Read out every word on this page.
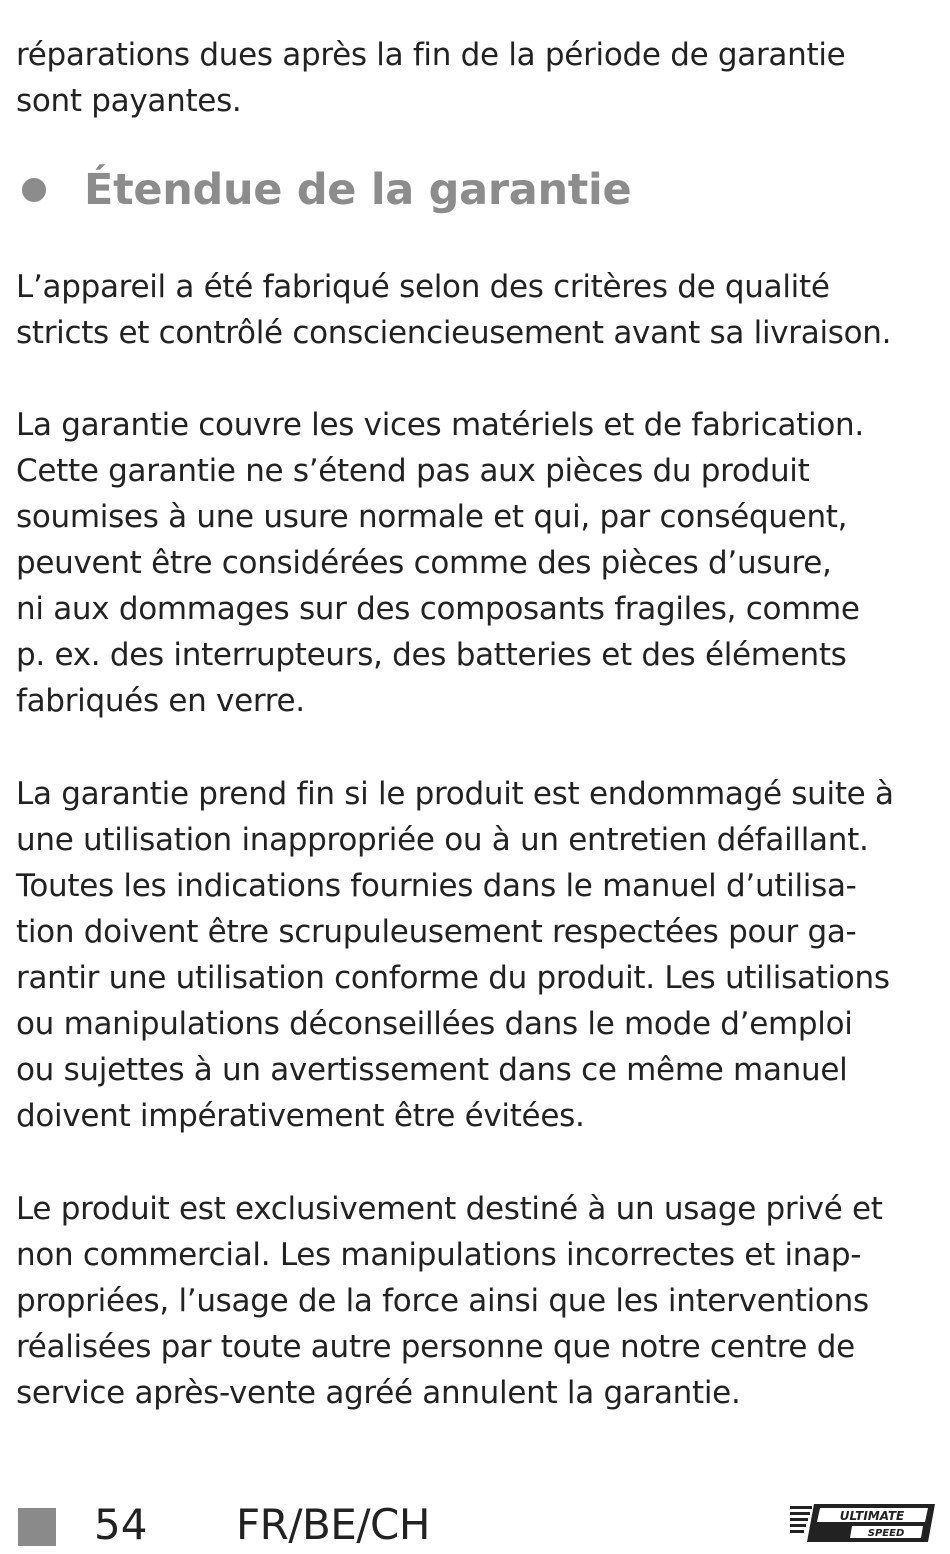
réparations dues après la fin de la période de garantie
sont payantes.
Étendue de la garantie
L’appareil a été fabriqué selon des critères de qualité
stricts et contrôlé consciencieusement avant sa livraison.
La garantie couvre les vices matériels et de fabrication.
Cette garantie ne s’étend pas aux pièces du produit
soumises à une usure normale et qui, par conséquent,
peuvent être considérées comme des pièces d’usure,
ni aux dommages sur des composants fragiles, comme
p. ex. des interrupteurs, des batteries et des éléments
fabriqués en verre.
La garantie prend fin si le produit est endommagé suite à
une utilisation inappropriée ou à un entretien défaillant.
Toutes les indications fournies dans le manuel d’utilisa-
tion doivent être scrupuleusement respectées pour ga-
rantir une utilisation conforme du produit. Les utilisations
ou manipulations déconseillées dans le mode d’emploi
ou sujettes à un avertissement dans ce même manuel
doivent impérativement être évitées.
Le produit est exclusivement destiné à un usage privé et
non commercial. Les manipulations incorrectes et inap-
propriées, l’usage de la force ainsi que les interventions
réalisées par toute autre personne que notre centre de
service après-vente agréé annulent la garantie.
54 FR/BE/CH	ULTIMATE
SPEED
